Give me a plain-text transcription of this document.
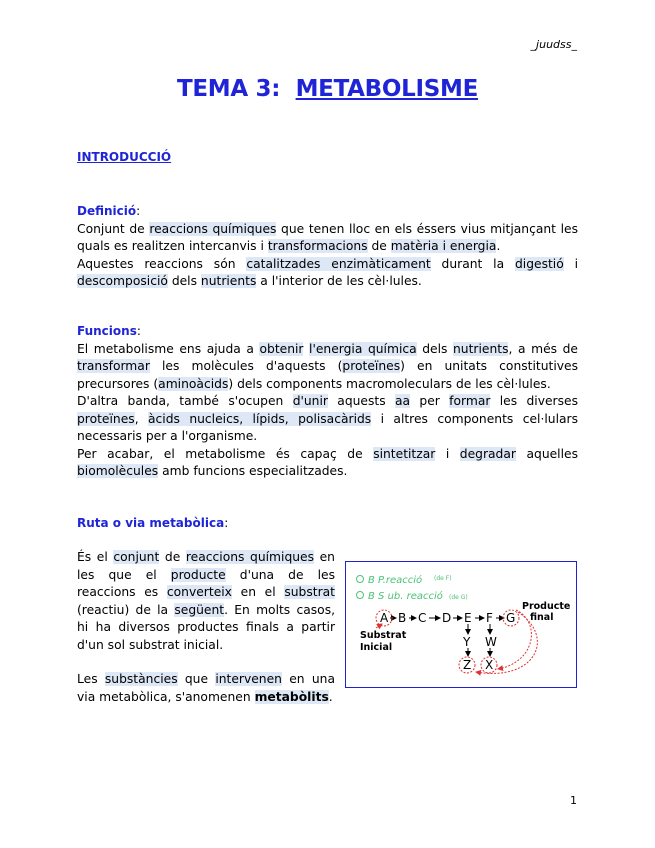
_juudss_
TEMA 3: METABOLISME
INTRODUCCIÓ
Definició:

Conjunt de reaccions químiques que tenen lloc en els éssers vius mitjançant les quals es realitzen intercanvis i transformacions de matèria i energia.

Aquestes reaccions són catalitzades enzimàticament durant la digestió i descomposició dels nutrients a l'interior de les cèl·lules.

Funcions:

El metabolisme ens ajuda a obtenir l'energia química dels nutrients, a més de transformar les molècules d'aquests (proteïnes) en unitats constitutives precursores (aminoàcids) dels components macromoleculars de les cèl·lules.

D'altra banda, també s'ocupen d'unir aquests aa per formar les diverses proteïnes, àcids nucleics, lípids, polisacàrids i altres components cel·lulars necessaris per a l'organisme.

Per acabar, el metabolisme és capaç de sintetitzar i degradar aquelles biomolècules amb funcions especialitzades.

Ruta o via metabòlica:

És el conjunt de reaccions químiques en les que el producte d'una de les reaccions es converteix en el substrat (reactiu) de la següent. En molts casos, hi ha diversos productes finals a partir d'un sol substrat inicial.

Les substàncies que intervenen en una via metabòlica, s'anomenen metabòlits.

B P.reacció (de F)
B S ub. reacció (de G)
A B C D E F G
Y W
Z X
Substrat
Inicial
Producte
final
1
